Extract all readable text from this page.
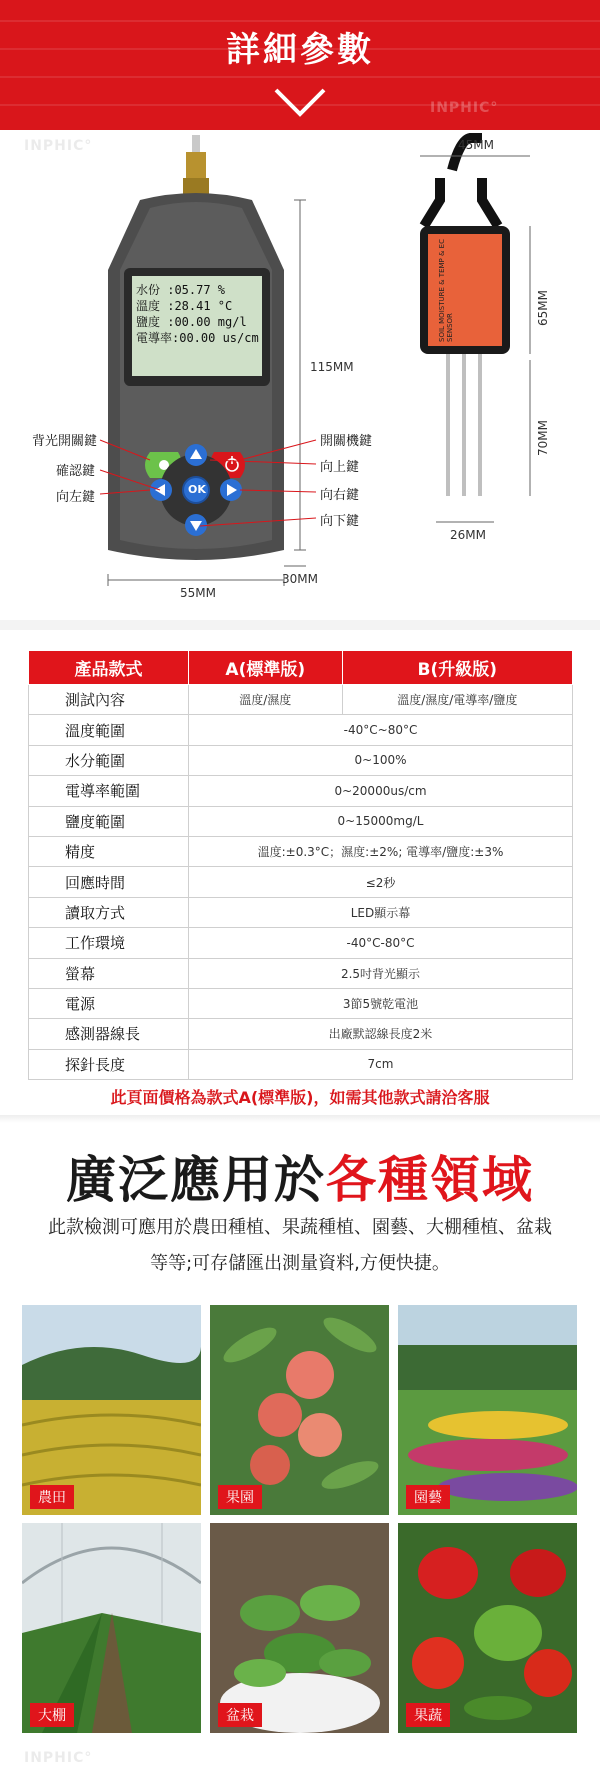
詳細參數
INPHIC°
INPHIC°
水份 :05.77 %
溫度 :28.41 °C
鹽度 :00.00 mg/l
電導率:00.00 us/cm
OK
115MM
55MM
30MM
背光開關鍵
確認鍵
向左鍵
開關機鍵
向上鍵
向右鍵
向下鍵
SOIL MOISTURE & TEMP & EC SENSOR
45MM
65MM
70MM
26MM
產品款式	A(標準版)	B(升級版)
測試內容	溫度/濕度	溫度/濕度/電導率/鹽度
溫度範圍	-40°C~80°C	
水分範圍	0~100%	
電導率範圍	0~20000us/cm	
鹽度範圍	0~15000mg/L	
精度	溫度:±0.3°C；濕度:±2%; 電導率/鹽度:±3%	
回應時間	≤2秒	
讀取方式	LED顯示幕	
工作環境	-40°C-80°C	
螢幕	2.5吋背光顯示	
電源	3節5號乾電池	
感測器線長	出廠默認線長度2米	
探針長度	7cm	
此頁面價格為款式A(標準版)，如需其他款式請洽客服
廣泛應用於各種領域
此款檢測可應用於農田種植、果蔬種植、園藝、大棚種植、盆栽
等等;可存儲匯出測量資料,方便快捷。
農田	果園	園藝
大棚	盆栽	果蔬
INPHIC°
